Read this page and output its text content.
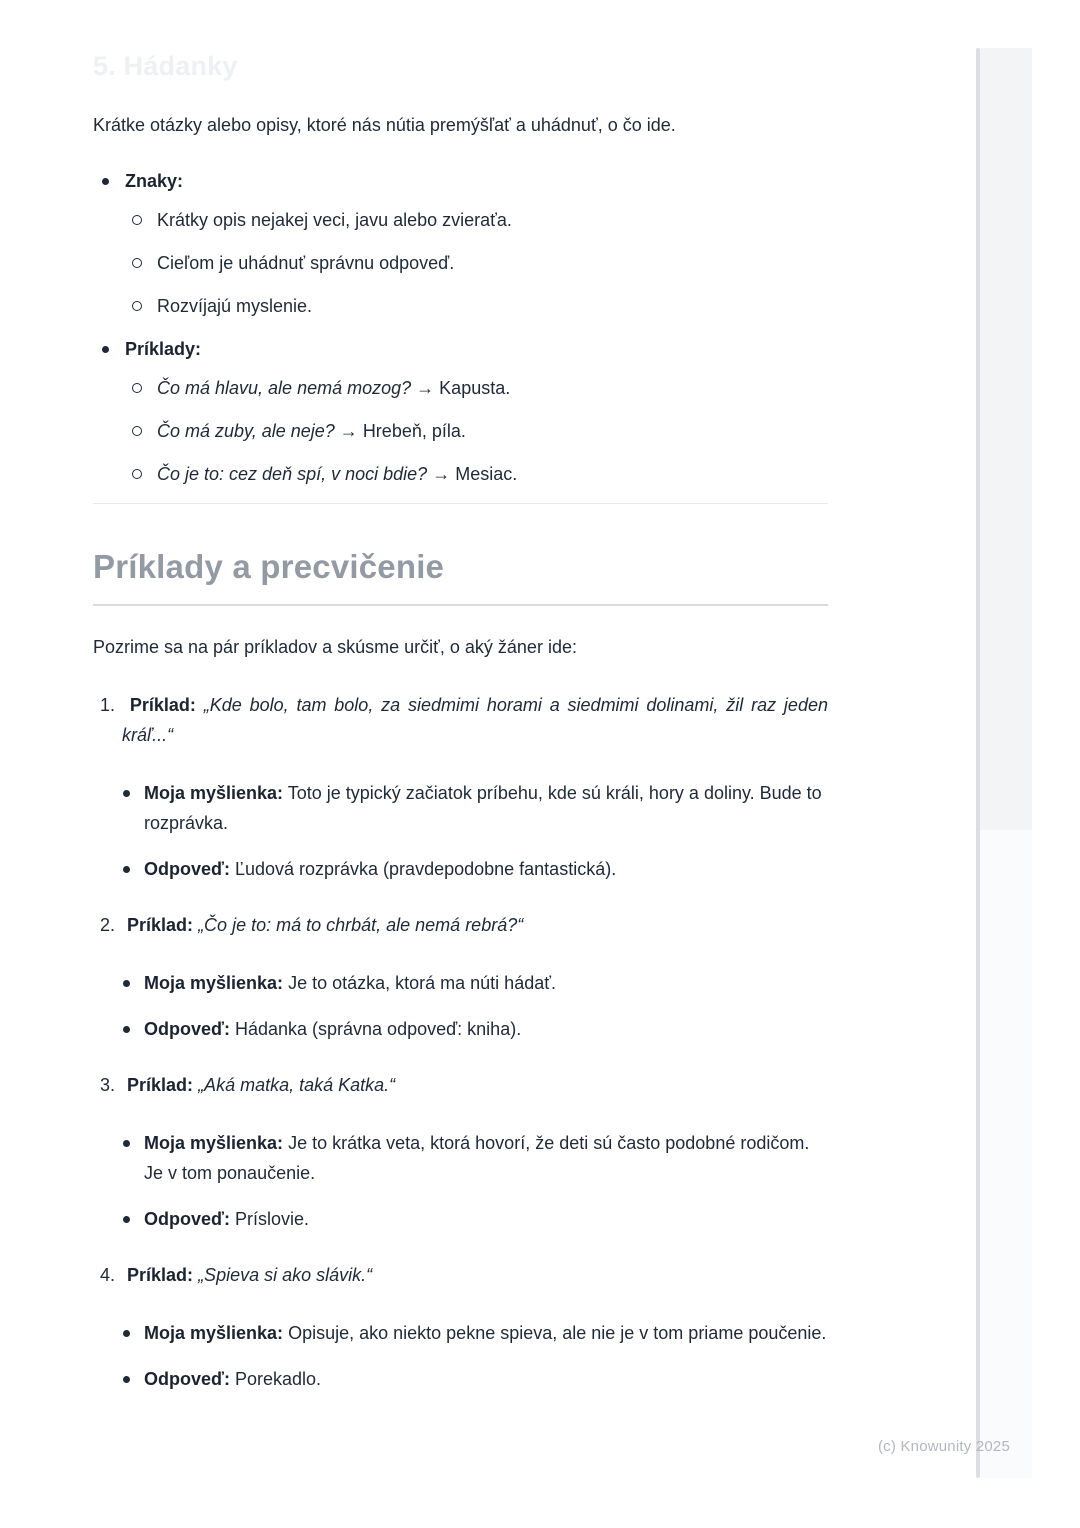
5. Hádanky

Krátke otázky alebo opisy, ktoré nás nútia premýšľať a uhádnuť, o čo ide.

Znaky:
Krátky opis nejakej veci, javu alebo zvieraťa.
Cieľom je uhádnuť správnu odpoveď.
Rozvíjajú myslenie.
Príklady:
Čo má hlavu, ale nemá mozog? → Kapusta.
Čo má zuby, ale neje? → Hrebeň, píla.
Čo je to: cez deň spí, v noci bdie? → Mesiac.
Príklady a precvičenie

Pozrime sa na pár príkladov a skúsme určiť, o aký žáner ide:

1. Príklad: „Kde bolo, tam bolo, za siedmimi horami a siedmimi dolinami, žil raz jeden kráľ...“

Moja myšlienka: Toto je typický začiatok príbehu, kde sú králi, hory a doliny. Bude to rozprávka.
Odpoveď: Ľudová rozprávka (pravdepodobne fantastická).

2. Príklad: „Čo je to: má to chrbát, ale nemá rebrá?“

Moja myšlienka: Je to otázka, ktorá ma núti hádať.
Odpoveď: Hádanka (správna odpoveď: kniha).

3. Príklad: „Aká matka, taká Katka.“

Moja myšlienka: Je to krátka veta, ktorá hovorí, že deti sú často podobné rodičom. Je v tom ponaučenie.
Odpoveď: Príslovie.

4. Príklad: „Spieva si ako slávik.“

Moja myšlienka: Opisuje, ako niekto pekne spieva, ale nie je v tom priame poučenie.
Odpoveď: Porekadlo.
(c) Knowunity 2025
